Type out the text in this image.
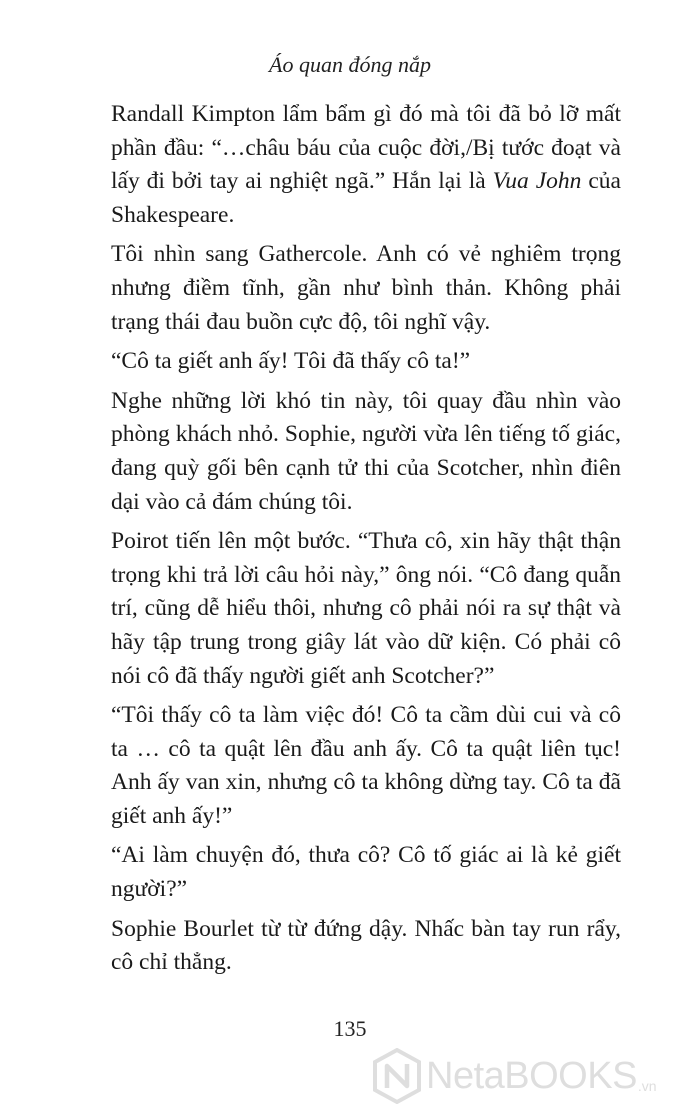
Áo quan đóng nắp

Randall Kimpton lẩm bẩm gì đó mà tôi đã bỏ lỡ mất phần đầu: “…châu báu của cuộc đời,/Bị tước đoạt và lấy đi bởi tay ai nghiệt ngã.” Hắn lại là Vua John của Shakespeare.

Tôi nhìn sang Gathercole. Anh có vẻ nghiêm trọng nhưng điềm tĩnh, gần như bình thản. Không phải trạng thái đau buồn cực độ, tôi nghĩ vậy.

“Cô ta giết anh ấy! Tôi đã thấy cô ta!”

Nghe những lời khó tin này, tôi quay đầu nhìn vào phòng khách nhỏ. Sophie, người vừa lên tiếng tố giác, đang quỳ gối bên cạnh tử thi của Scotcher, nhìn điên dại vào cả đám chúng tôi.

Poirot tiến lên một bước. “Thưa cô, xin hãy thật thận trọng khi trả lời câu hỏi này,” ông nói. “Cô đang quẫn trí, cũng dễ hiểu thôi, nhưng cô phải nói ra sự thật và hãy tập trung trong giây lát vào dữ kiện. Có phải cô nói cô đã thấy người giết anh Scotcher?”

“Tôi thấy cô ta làm việc đó! Cô ta cầm dùi cui và cô ta … cô ta quật lên đầu anh ấy. Cô ta quật liên tục! Anh ấy van xin, nhưng cô ta không dừng tay. Cô ta đã giết anh ấy!”

“Ai làm chuyện đó, thưa cô? Cô tố giác ai là kẻ giết người?”

Sophie Bourlet từ từ đứng dậy. Nhấc bàn tay run rẩy, cô chỉ thẳng.

135
NetaBOOKS .vn
